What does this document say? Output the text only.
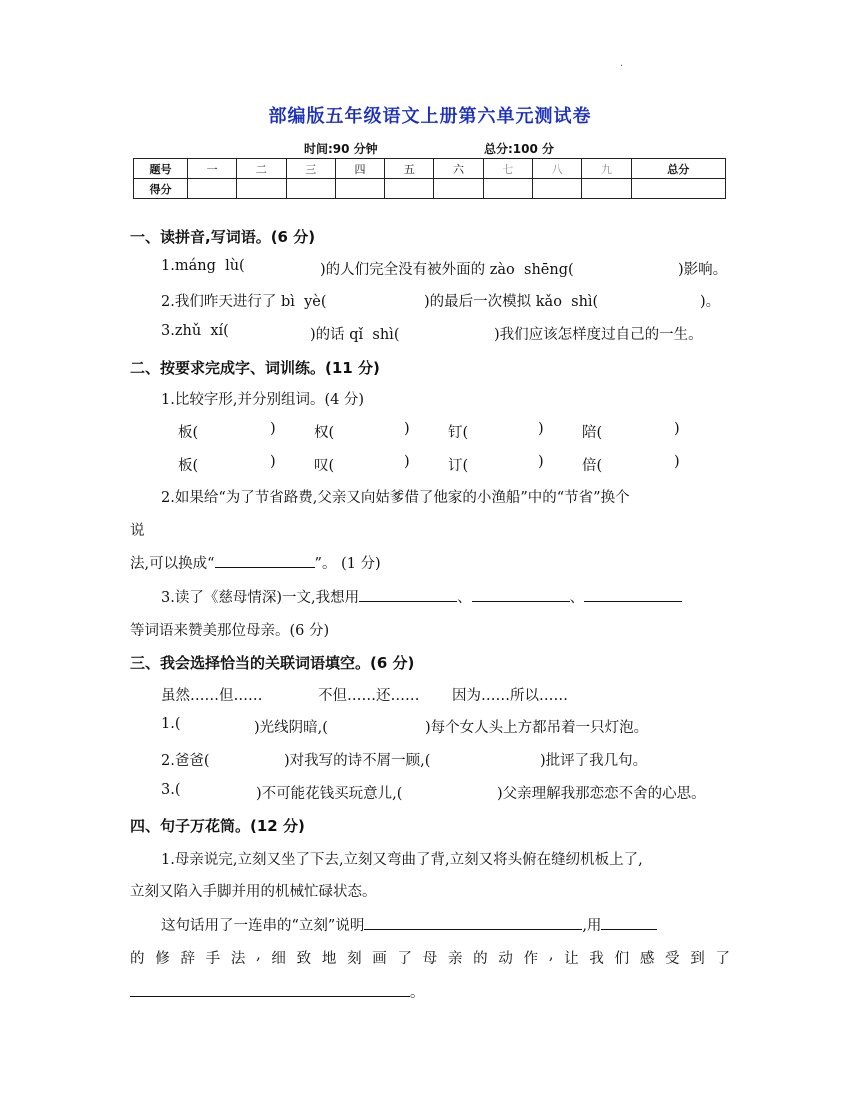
.
部编版五年级语文上册第六单元测试卷
时间:90 分钟	总分:100 分
题号	一	二	三	四	五	六	七	八	九	总分
得分										
一、读拼音,写词语。(6 分)
1.máng  lù(	)的人们完全没有被外面的 zào  shēng(	)影响。
2.我们昨天进行了 bì  yè(	)的最后一次模拟 kǎo  shì(	)。
3.zhǔ  xí(	)的话 qǐ  shì(	)我们应该怎样度过自己的一生。
二、按要求完成字、词训练。(11 分)
1.比较字形,并分别组词。(4 分)
板(	)	权(	)	钉(	)	陪(	)
板(	)	叹(	)	订(	)	倍(	)
2.如果给“为了节省路费,父亲又向姑爹借了他家的小渔船”中的“节省”换个
说
法,可以换成“	”。 (1 分)
3.读了《慈母情深)一文,我想用	、	、
等词语来赞美那位母亲。(6 分)
三、我会选择恰当的关联词语填空。(6 分)
虽然……但……	不但……还…… 因为……所以……
1.(	)光线阴暗,(	)每个女人头上方都吊着一只灯泡。
2.爸爸(	)对我写的诗不屑一顾,(	)批评了我几句。
3.(	)不可能花钱买玩意儿,(	)父亲理解我那恋恋不舍的心思。
四、句子万花筒。(12 分)
1.母亲说完,立刻又坐了下去,立刻又弯曲了背,立刻又将头俯在缝纫机板上了,
立刻又陷入手脚并用的机械忙碌状态。
这句话用了一连串的“立刻”说明	,用
的 修 辞 手 法 , 细 致 地 刻 画 了 母 亲 的 动 作 , 让 我 们 感 受 到 了
。
